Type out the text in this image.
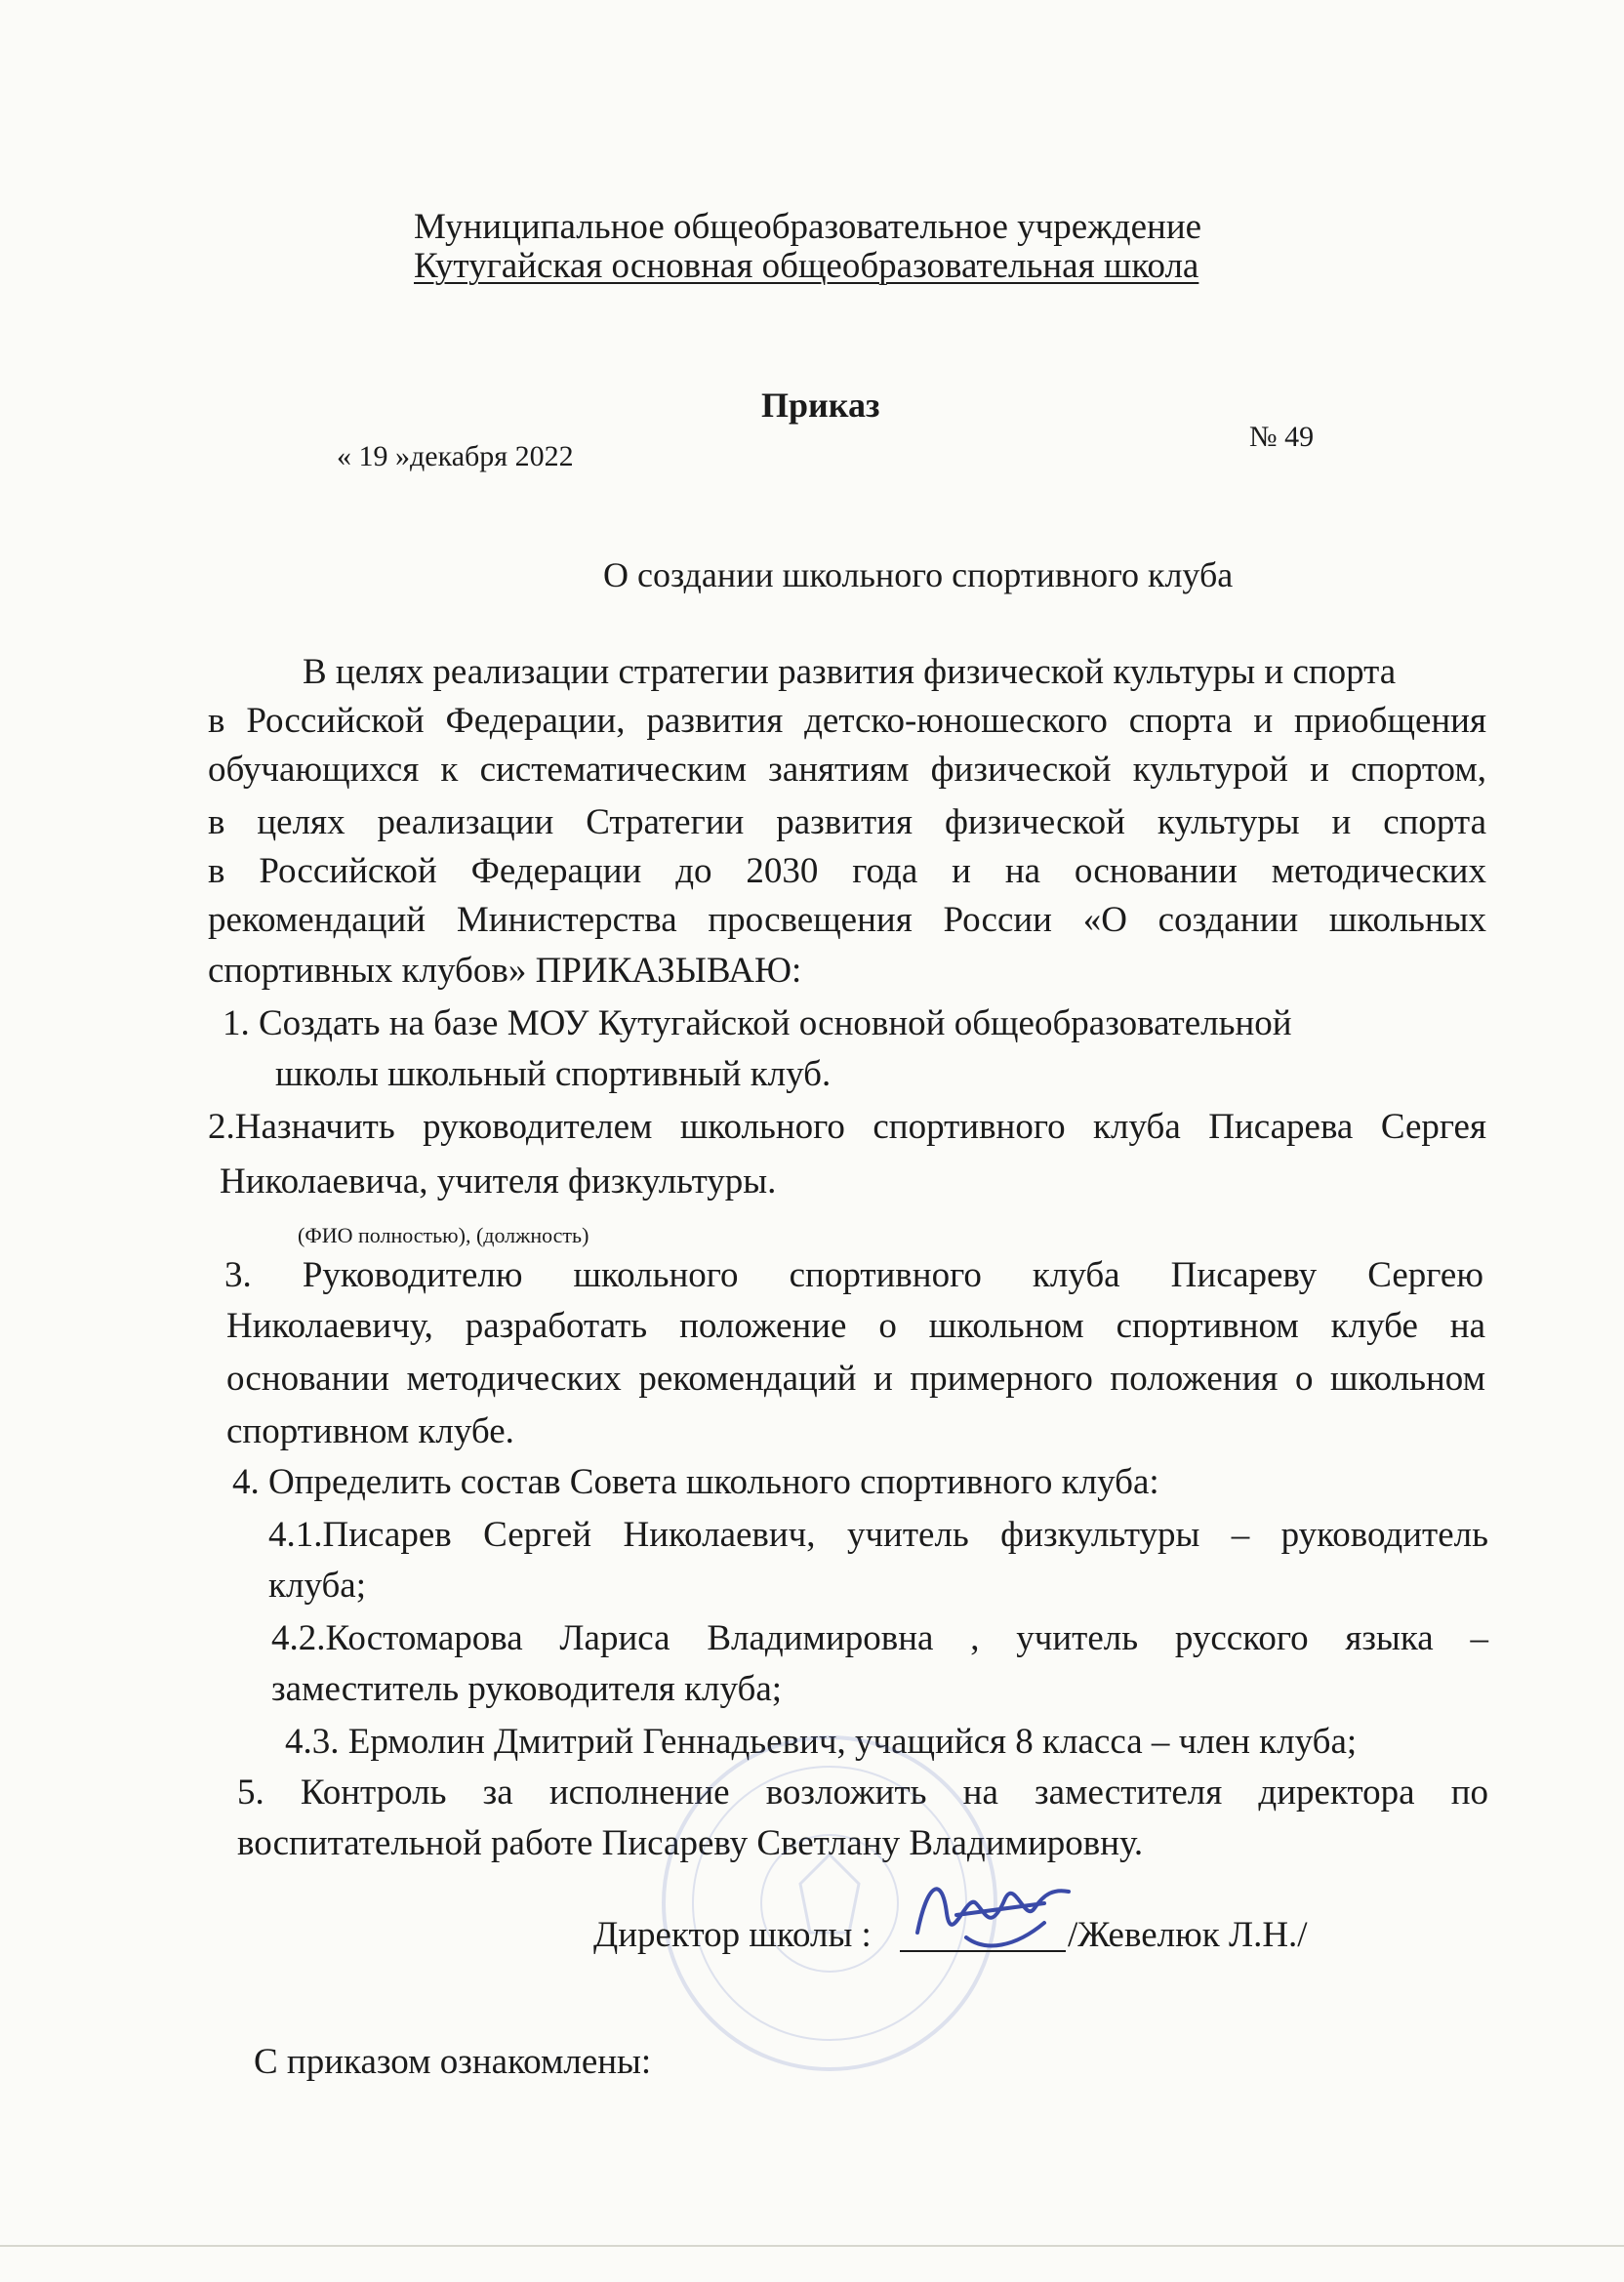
Муниципальное общеобразовательное учреждение
Кутугайская основная общеобразовательная школа
Приказ
« 19 »декабря 2022
№ 49
О создании школьного спортивного клуба
В целях реализации стратегии развития физической культуры и спорта
в Российской Федерации, развития детско-юношеского спорта и приобщения
обучающихся к систематическим занятиям физической культурой и спортом,
в целях реализации Стратегии развития физической культуры и спорта
в Российской Федерации до 2030 года и на основании методических
рекомендаций Министерства просвещения России «О создании школьных
спортивных клубов» ПРИКАЗЫВАЮ:
1. Создать на базе МОУ Кутугайской основной общеобразовательной
школы школьный спортивный клуб.
2.Назначить руководителем школьного спортивного клуба Писарева Сергея
Николаевича, учителя физкультуры.
(ФИО полностью), (должность)
3. Руководителю школьного спортивного клуба Писареву Сергею
Николаевичу, разработать положение о школьном спортивном клубе на
основании методических рекомендаций и примерного положения о школьном
спортивном клубе.
4. Определить состав Совета школьного спортивного клуба:
4.1.Писарев Сергей Николаевич, учитель физкультуры – руководитель
клуба;
4.2.Костомарова Лариса Владимировна , учитель русского языка –
заместитель руководителя клуба;
4.3. Ермолин Дмитрий Геннадьевич, учащийся 8 класса – член клуба;
5. Контроль за исполнение возложить на заместителя директора по
воспитательной работе Писареву Светлану Владимировну.
Директор школы :	/Жевелюк Л.Н./
С приказом ознакомлены:
